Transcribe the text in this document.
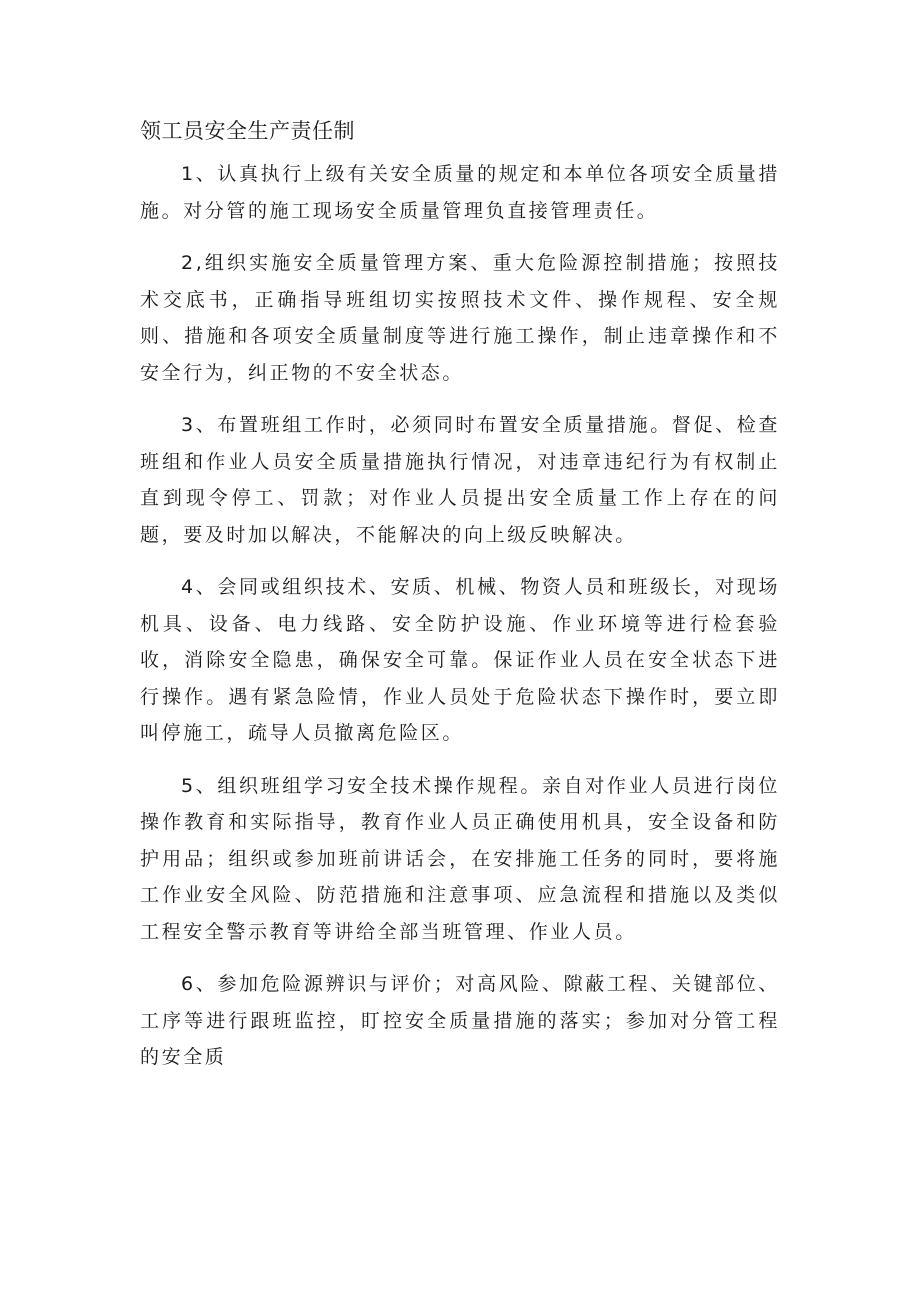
领工员安全生产责任制

1、认真执行上级有关安全质量的规定和本单位各项安全质量措施。对分管的施工现场安全质量管理负直接管理责任。

2,组织实施安全质量管理方案、重大危险源控制措施；按照技术交底书，正确指导班组切实按照技术文件、操作规程、安全规则、措施和各项安全质量制度等进行施工操作，制止违章操作和不安全行为，纠正物的不安全状态。

3、布置班组工作时，必须同时布置安全质量措施。督促、检查班组和作业人员安全质量措施执行情况，对违章违纪行为有权制止直到现令停工、罚款；对作业人员提出安全质量工作上存在的问题，要及时加以解决，不能解决的向上级反映解决。

4、会同或组织技术、安质、机械、物资人员和班级长，对现场机具、设备、电力线路、安全防护设施、作业环境等进行检套验收，消除安全隐患，确保安全可靠。保证作业人员在安全状态下进行操作。遇有紧急险情，作业人员处于危险状态下操作时，要立即叫停施工，疏导人员撤离危险区。

5、组织班组学习安全技术操作规程。亲自对作业人员进行岗位操作教育和实际指导，教育作业人员正确使用机具，安全设备和防护用品；组织或参加班前讲话会，在安排施工任务的同时，要将施工作业安全风险、防范措施和注意事项、应急流程和措施以及类似工程安全警示教育等讲给全部当班管理、作业人员。

6、参加危险源辨识与评价；对高风险、隙蔽工程、关键部位、工序等进行跟班监控，盯控安全质量措施的落实；参加对分管工程的安全质
